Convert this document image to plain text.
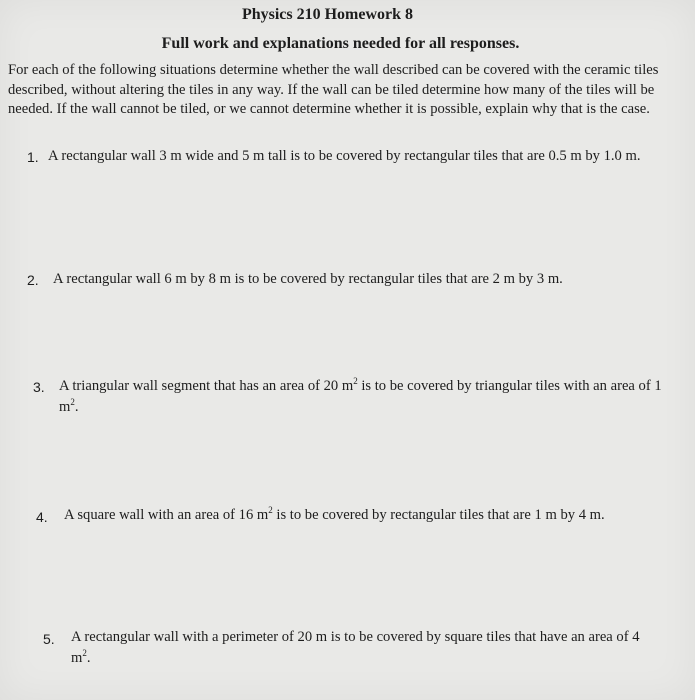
Physics 210 Homework 8
Full work and explanations needed for all responses.
For each of the following situations determine whether the wall described can be covered with the ceramic tiles described, without altering the tiles in any way. If the wall can be tiled determine how many of the tiles will be needed. If the wall cannot be tiled, or we cannot determine whether it is possible, explain why that is the case.
1. A rectangular wall 3 m wide and 5 m tall is to be covered by rectangular tiles that are 0.5 m by 1.0 m.
2. A rectangular wall 6 m by 8 m is to be covered by rectangular tiles that are 2 m by 3 m.
3. A triangular wall segment that has an area of 20 $m^2$ is to be covered by triangular tiles with an area of 1 $m^2$.
4. A square wall with an area of 16 $m^2$ is to be covered by rectangular tiles that are 1 m by 4 m.
5. A rectangular wall with a perimeter of 20 m is to be covered by square tiles that have an area of 4 $m^2$.
